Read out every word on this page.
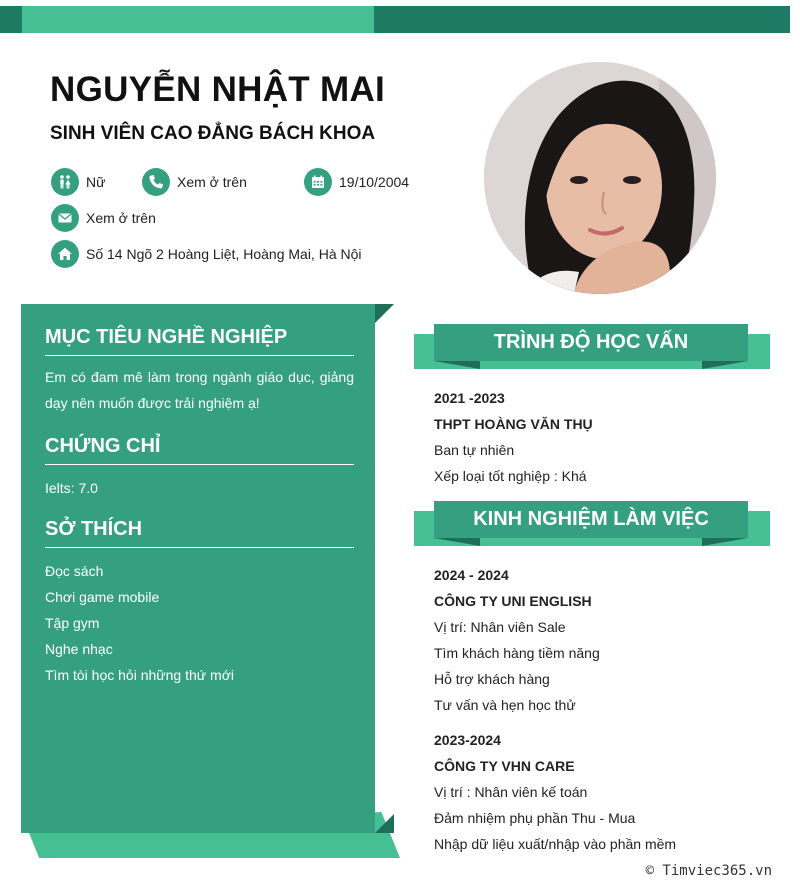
NGUYỄN NHẬT MAI
SINH VIÊN CAO ĐẲNG BÁCH KHOA
Nữ	Xem ở trên	19/10/2004
Xem ở trên
Số 14 Ngõ 2 Hoàng Liệt, Hoàng Mai, Hà Nội
MỤC TIÊU NGHỀ NGHIỆP
Em có đam mê làm trong ngành giáo dục, giảng dạy nên muốn được trải nghiệm ạ!
CHỨNG CHỈ
Ielts: 7.0
SỞ THÍCH
Đọc sách
Chơi game mobile
Tập gym
Nghe nhạc
Tìm tòi học hỏi những thứ mới
TRÌNH ĐỘ HỌC VẤN
2021 -2023
THPT HOÀNG VĂN THỤ
Ban tự nhiên
Xếp loại tốt nghiệp : Khá
KINH NGHIỆM LÀM VIỆC
2024 - 2024
CÔNG TY UNI ENGLISH
Vị trí: Nhân viên Sale
Tìm khách hàng tiềm năng
Hỗ trợ khách hàng
Tư vấn và hẹn học thử
2023-2024
CÔNG TY VHN CARE
Vị trí : Nhân viên kế toán
Đảm nhiệm phụ phần Thu - Mua
Nhập dữ liệu xuất/nhập vào phần mềm
© Timviec365.vn
